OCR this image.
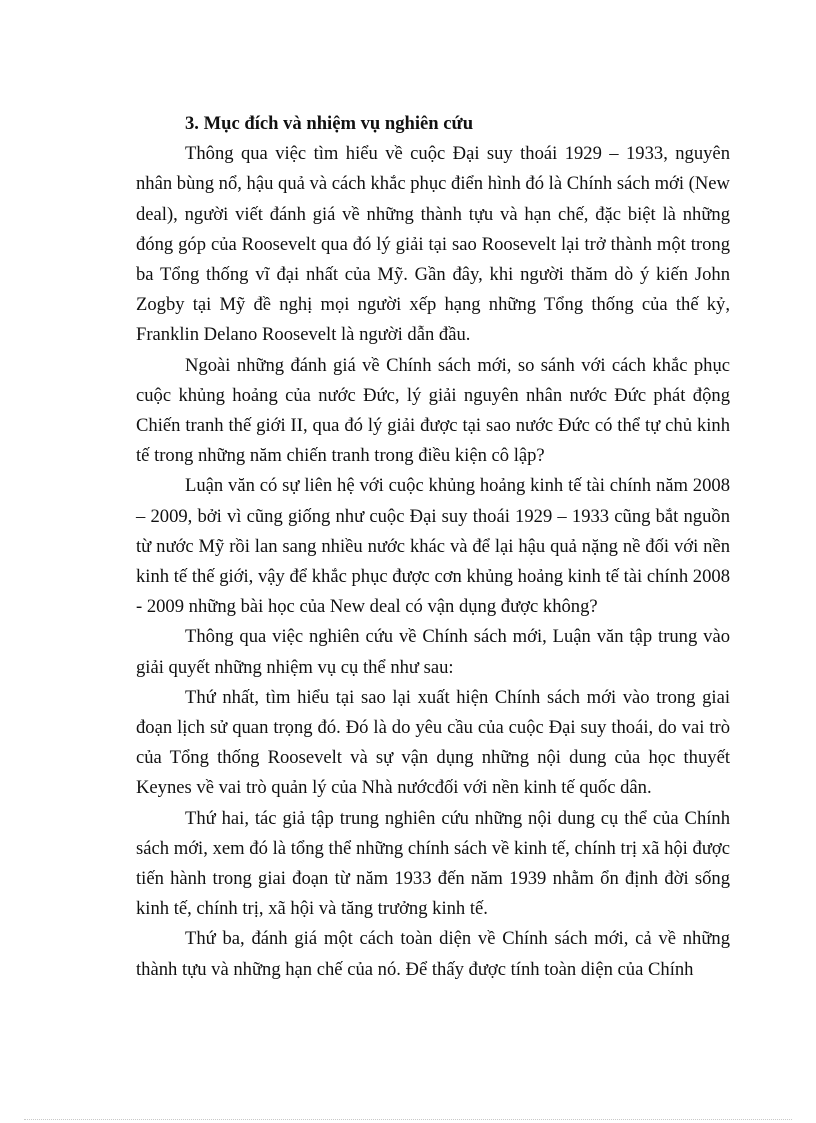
3. Mục đích và nhiệm vụ nghiên cứu

Thông qua việc tìm hiểu về cuộc Đại suy thoái 1929 – 1933, nguyên nhân bùng nổ, hậu quả và cách khắc phục điển hình đó là Chính sách mới (New deal), người viết đánh giá về những thành tựu và hạn chế, đặc biệt là những đóng góp của Roosevelt qua đó lý giải tại sao Roosevelt lại trở thành một trong ba Tổng thống vĩ đại nhất của Mỹ. Gần đây, khi người thăm dò ý kiến John Zogby tại Mỹ đề nghị mọi người xếp hạng những Tổng thống của thế kỷ, Franklin Delano Roosevelt là người dẫn đầu.

Ngoài những đánh giá về Chính sách mới, so sánh với cách khắc phục cuộc khủng hoảng của nước Đức, lý giải nguyên nhân nước Đức phát động Chiến tranh thế giới II, qua đó lý giải được tại sao nước Đức có thể tự chủ kinh tế trong những năm chiến tranh trong điều kiện cô lập?

Luận văn có sự liên hệ với cuộc khủng hoảng kinh tế tài chính năm 2008 – 2009, bởi vì cũng giống như cuộc Đại suy thoái 1929 – 1933 cũng bắt nguồn từ nước Mỹ rồi lan sang nhiều nước khác và để lại hậu quả nặng nề đối với nền kinh tế thế giới, vậy để khắc phục được cơn khủng hoảng kinh tế tài chính 2008 - 2009 những bài học của New deal có vận dụng được không?

Thông qua việc nghiên cứu về Chính sách mới, Luận văn tập trung vào giải quyết những nhiệm vụ cụ thể như sau:

Thứ nhất, tìm hiểu tại sao lại xuất hiện Chính sách mới vào trong giai đoạn lịch sử quan trọng đó. Đó là do yêu cầu của cuộc Đại suy thoái, do vai trò của Tổng thống Roosevelt và sự vận dụng những nội dung của học thuyết Keynes về vai trò quản lý của Nhà nướcđối với nền kinh tế quốc dân.

Thứ hai, tác giả tập trung nghiên cứu những nội dung cụ thể của Chính sách mới, xem đó là tổng thể những chính sách về kinh tế, chính trị xã hội được tiến hành trong giai đoạn từ năm 1933 đến năm 1939 nhằm ổn định đời sống kinh tế, chính trị, xã hội và tăng trưởng kinh tế.

Thứ ba, đánh giá một cách toàn diện về Chính sách mới, cả về những thành tựu và những hạn chế của nó. Để thấy được tính toàn diện của Chính
